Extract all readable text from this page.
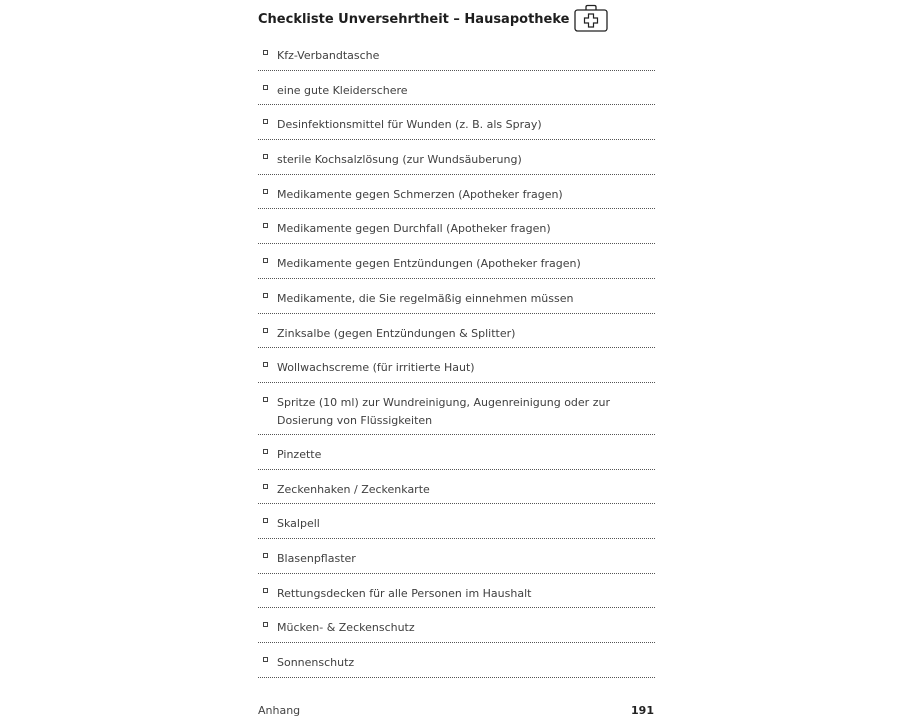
Checkliste Unversehrtheit – Hausapotheke
Kfz-Verbandtasche
eine gute Kleiderschere
Desinfektionsmittel für Wunden (z. B. als Spray)
sterile Kochsalzlösung (zur Wundsäuberung)
Medikamente gegen Schmerzen (Apotheker fragen)
Medikamente gegen Durchfall (Apotheker fragen)
Medikamente gegen Entzündungen (Apotheker fragen)
Medikamente, die Sie regelmäßig einnehmen müssen
Zinksalbe (gegen Entzündungen & Splitter)
Wollwachscreme (für irritierte Haut)
Spritze (10 ml) zur Wundreinigung, Augenreinigung oder zur Dosierung von Flüssigkeiten
Pinzette
Zeckenhaken / Zeckenkarte
Skalpell
Blasenpflaster
Rettungsdecken für alle Personen im Haushalt
Mücken- & Zeckenschutz
Sonnenschutz
Anhang	191
